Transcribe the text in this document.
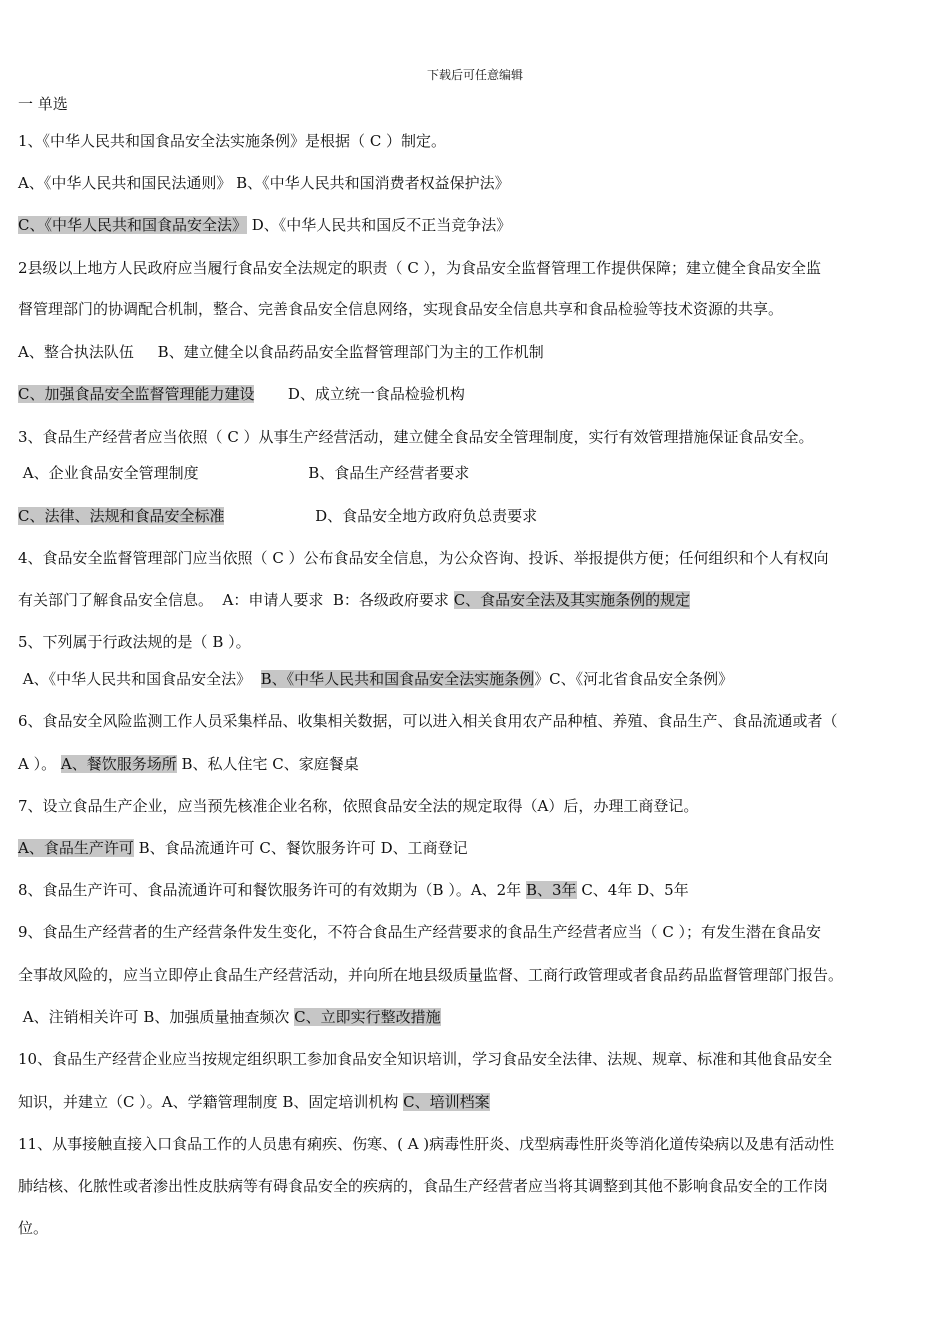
下载后可任意编辑
一 单选
1、《中华人民共和国食品安全法实施条例》是根据（ C ）制定。
A、《中华人民共和国民法通则》 B、《中华人民共和国消费者权益保护法》
C、《中华人民共和国食品安全法》 D、《中华人民共和国反不正当竞争法》
2县级以上地方人民政府应当履行食品安全法规定的职责（ C ），为食品安全监督管理工作提供保障；建立健全食品安全监
督管理部门的协调配合机制，整合、完善食品安全信息网络，实现食品安全信息共享和食品检验等技术资源的共享。
A、整合执法队伍     B、建立健全以食品药品安全监督管理部门为主的工作机制
C、加强食品安全监督管理能力建设       D、成立统一食品检验机构
3、食品生产经营者应当依照（ C ）从事生产经营活动，建立健全食品安全管理制度，实行有效管理措施保证食品安全。
A、企业食品安全管理制度                       B、食品生产经营者要求
C、法律、法规和食品安全标准                   D、食品安全地方政府负总责要求
4、食品安全监督管理部门应当依照（ C ）公布食品安全信息，为公众咨询、投诉、举报提供方便；任何组织和个人有权向
有关部门了解食品安全信息。  A：申请人要求  B：各级政府要求 C、食品安全法及其实施条例的规定
5、下列属于行政法规的是（ B ）。
A、《中华人民共和国食品安全法》  B、《中华人民共和国食品安全法实施条例》C、《河北省食品安全条例》
6、食品安全风险监测工作人员采集样品、收集相关数据，可以进入相关食用农产品种植、养殖、食品生产、食品流通或者（
A ）。 A、餐饮服务场所 B、私人住宅 C、家庭餐桌
7、设立食品生产企业，应当预先核准企业名称，依照食品安全法的规定取得（A）后，办理工商登记。
A、食品生产许可 B、食品流通许可 C、餐饮服务许可 D、工商登记
8、食品生产许可、食品流通许可和餐饮服务许可的有效期为（B ）。A、2年 B、3年 C、4年 D、5年
9、食品生产经营者的生产经营条件发生变化，不符合食品生产经营要求的食品生产经营者应当（ C ）；有发生潜在食品安
全事故风险的，应当立即停止食品生产经营活动，并向所在地县级质量监督、工商行政管理或者食品药品监督管理部门报告。
A、注销相关许可 B、加强质量抽查频次 C、立即实行整改措施
10、食品生产经营企业应当按规定组织职工参加食品安全知识培训，学习食品安全法律、法规、规章、标准和其他食品安全
知识，并建立（C ）。A、学籍管理制度 B、固定培训机构 C、培训档案
11、从事接触直接入口食品工作的人员患有痢疾、伤寒、( A )病毒性肝炎、戊型病毒性肝炎等消化道传染病以及患有活动性
肺结核、化脓性或者渗出性皮肤病等有碍食品安全的疾病的，食品生产经营者应当将其调整到其他不影响食品安全的工作岗
位。
